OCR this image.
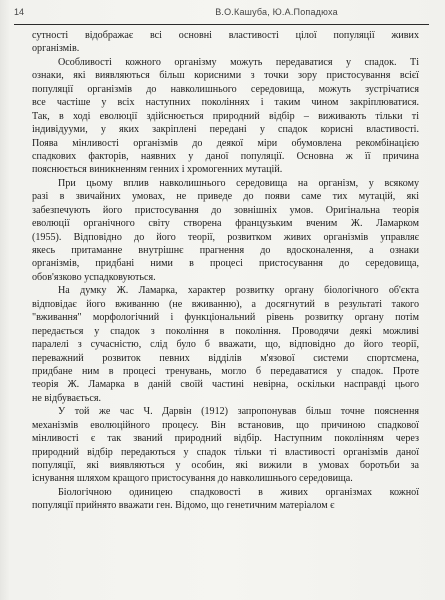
14	В.О.Кашуба, Ю.А.Попадюха
сутності відображає всі основні властивості цілої популяції живих
організмів.
Особливості кожного організму можуть передаватися у спадок. Ті
ознаки, які виявляються більш корисними з точки зору пристосування всієї
популяції організмів до навколишнього середовища, можуть зустрічатися
все частіше у всіх наступних поколіннях і таким чином закріплюватися.
Так, в ході еволюції здійснюється природний відбір – виживають тільки ті
індивідууми, у яких закріплені передані у спадок корисні властивості.
Поява мінливості організмів до деякої міри обумовлена рекомбінацією
спадкових факторів, наявних у даної популяції. Основна ж її причина
пояснюється виникненням генних і хромогенних мутацій.
При цьому вплив навколишнього середовища на організм, у всякому
разі в звичайних умовах, не приведе до появи саме тих мутацій, які
забезпечують його пристосування до зовнішніх умов. Оригінальна теорія
еволюції органічного світу створена французьким вченим Ж. Ламарком
(1955). Відповідно до його теорії, розвитком живих організмів управляє
якесь притаманне внутрішнє прагнення до вдосконалення, а ознаки
організмів, придбані ними в процесі пристосування до середовища,
обов'язково успадковуються.
На думку Ж. Ламарка, характер розвитку органу біологічного об'єкта
відповідає його вживанню (не вживанню), а досягнутий в результаті такого
"вживання" морфологічний і функціональний рівень розвитку органу потім
передається у спадок з покоління в покоління. Проводячи деякі можливі
паралелі з сучасністю, слід було б вважати, що, відповідно до його теорії,
переважний розвиток певних відділів м'язової системи спортсмена,
придбане ним в процесі тренувань, могло б передаватися у спадок. Проте
теорія Ж. Ламарка в даній своїй частині невірна, оскільки насправді цього
не відбувається.
У той же час Ч. Дарвін (1912) запропонував більш точне пояснення
механізмів еволюційного процесу. Він встановив, що причиною спадкової
мінливості є так званий природний відбір. Наступним поколінням через
природний відбір передаються у спадок тільки ті властивості організмів даної
популяції, які виявляються у особин, які вижили в умовах боротьби за
існування шляхом кращого пристосування до навколишнього середовища.
Біологічною одиницею спадковості в живих організмах кожної
популяції прийнято вважати ген. Відомо, що генетичним матеріалом є
